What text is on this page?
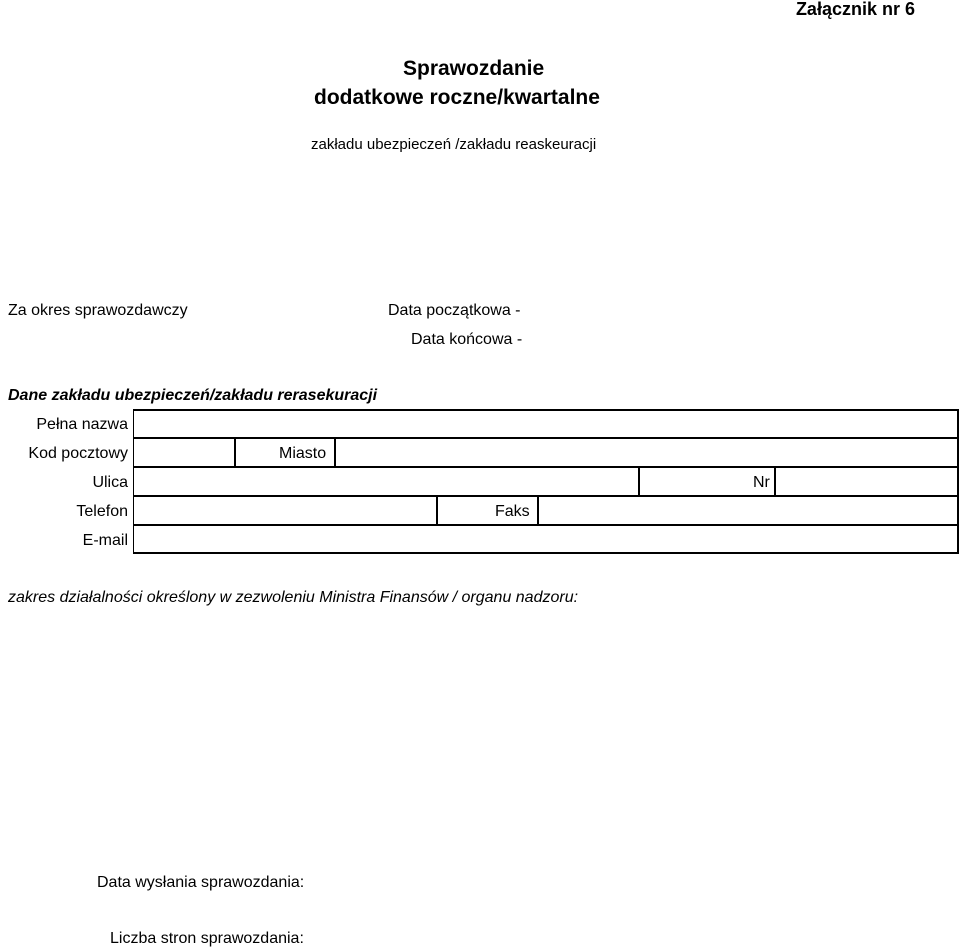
Załącznik nr 6
Sprawozdanie
dodatkowe roczne/kwartalne
zakładu ubezpieczeń /zakładu reaskeuracji
Za okres sprawozdawczy	Data początkowa -
Data końcowa -
Dane zakładu ubezpieczeń/zakładu rerasekuracji
Pełna nazwa
Kod pocztowy	Miasto
Ulica	Nr
Telefon	Faks
E-mail
zakres działalności określony w zezwoleniu Ministra Finansów / organu nadzoru:
Data wysłania sprawozdania:
Liczba stron sprawozdania:
